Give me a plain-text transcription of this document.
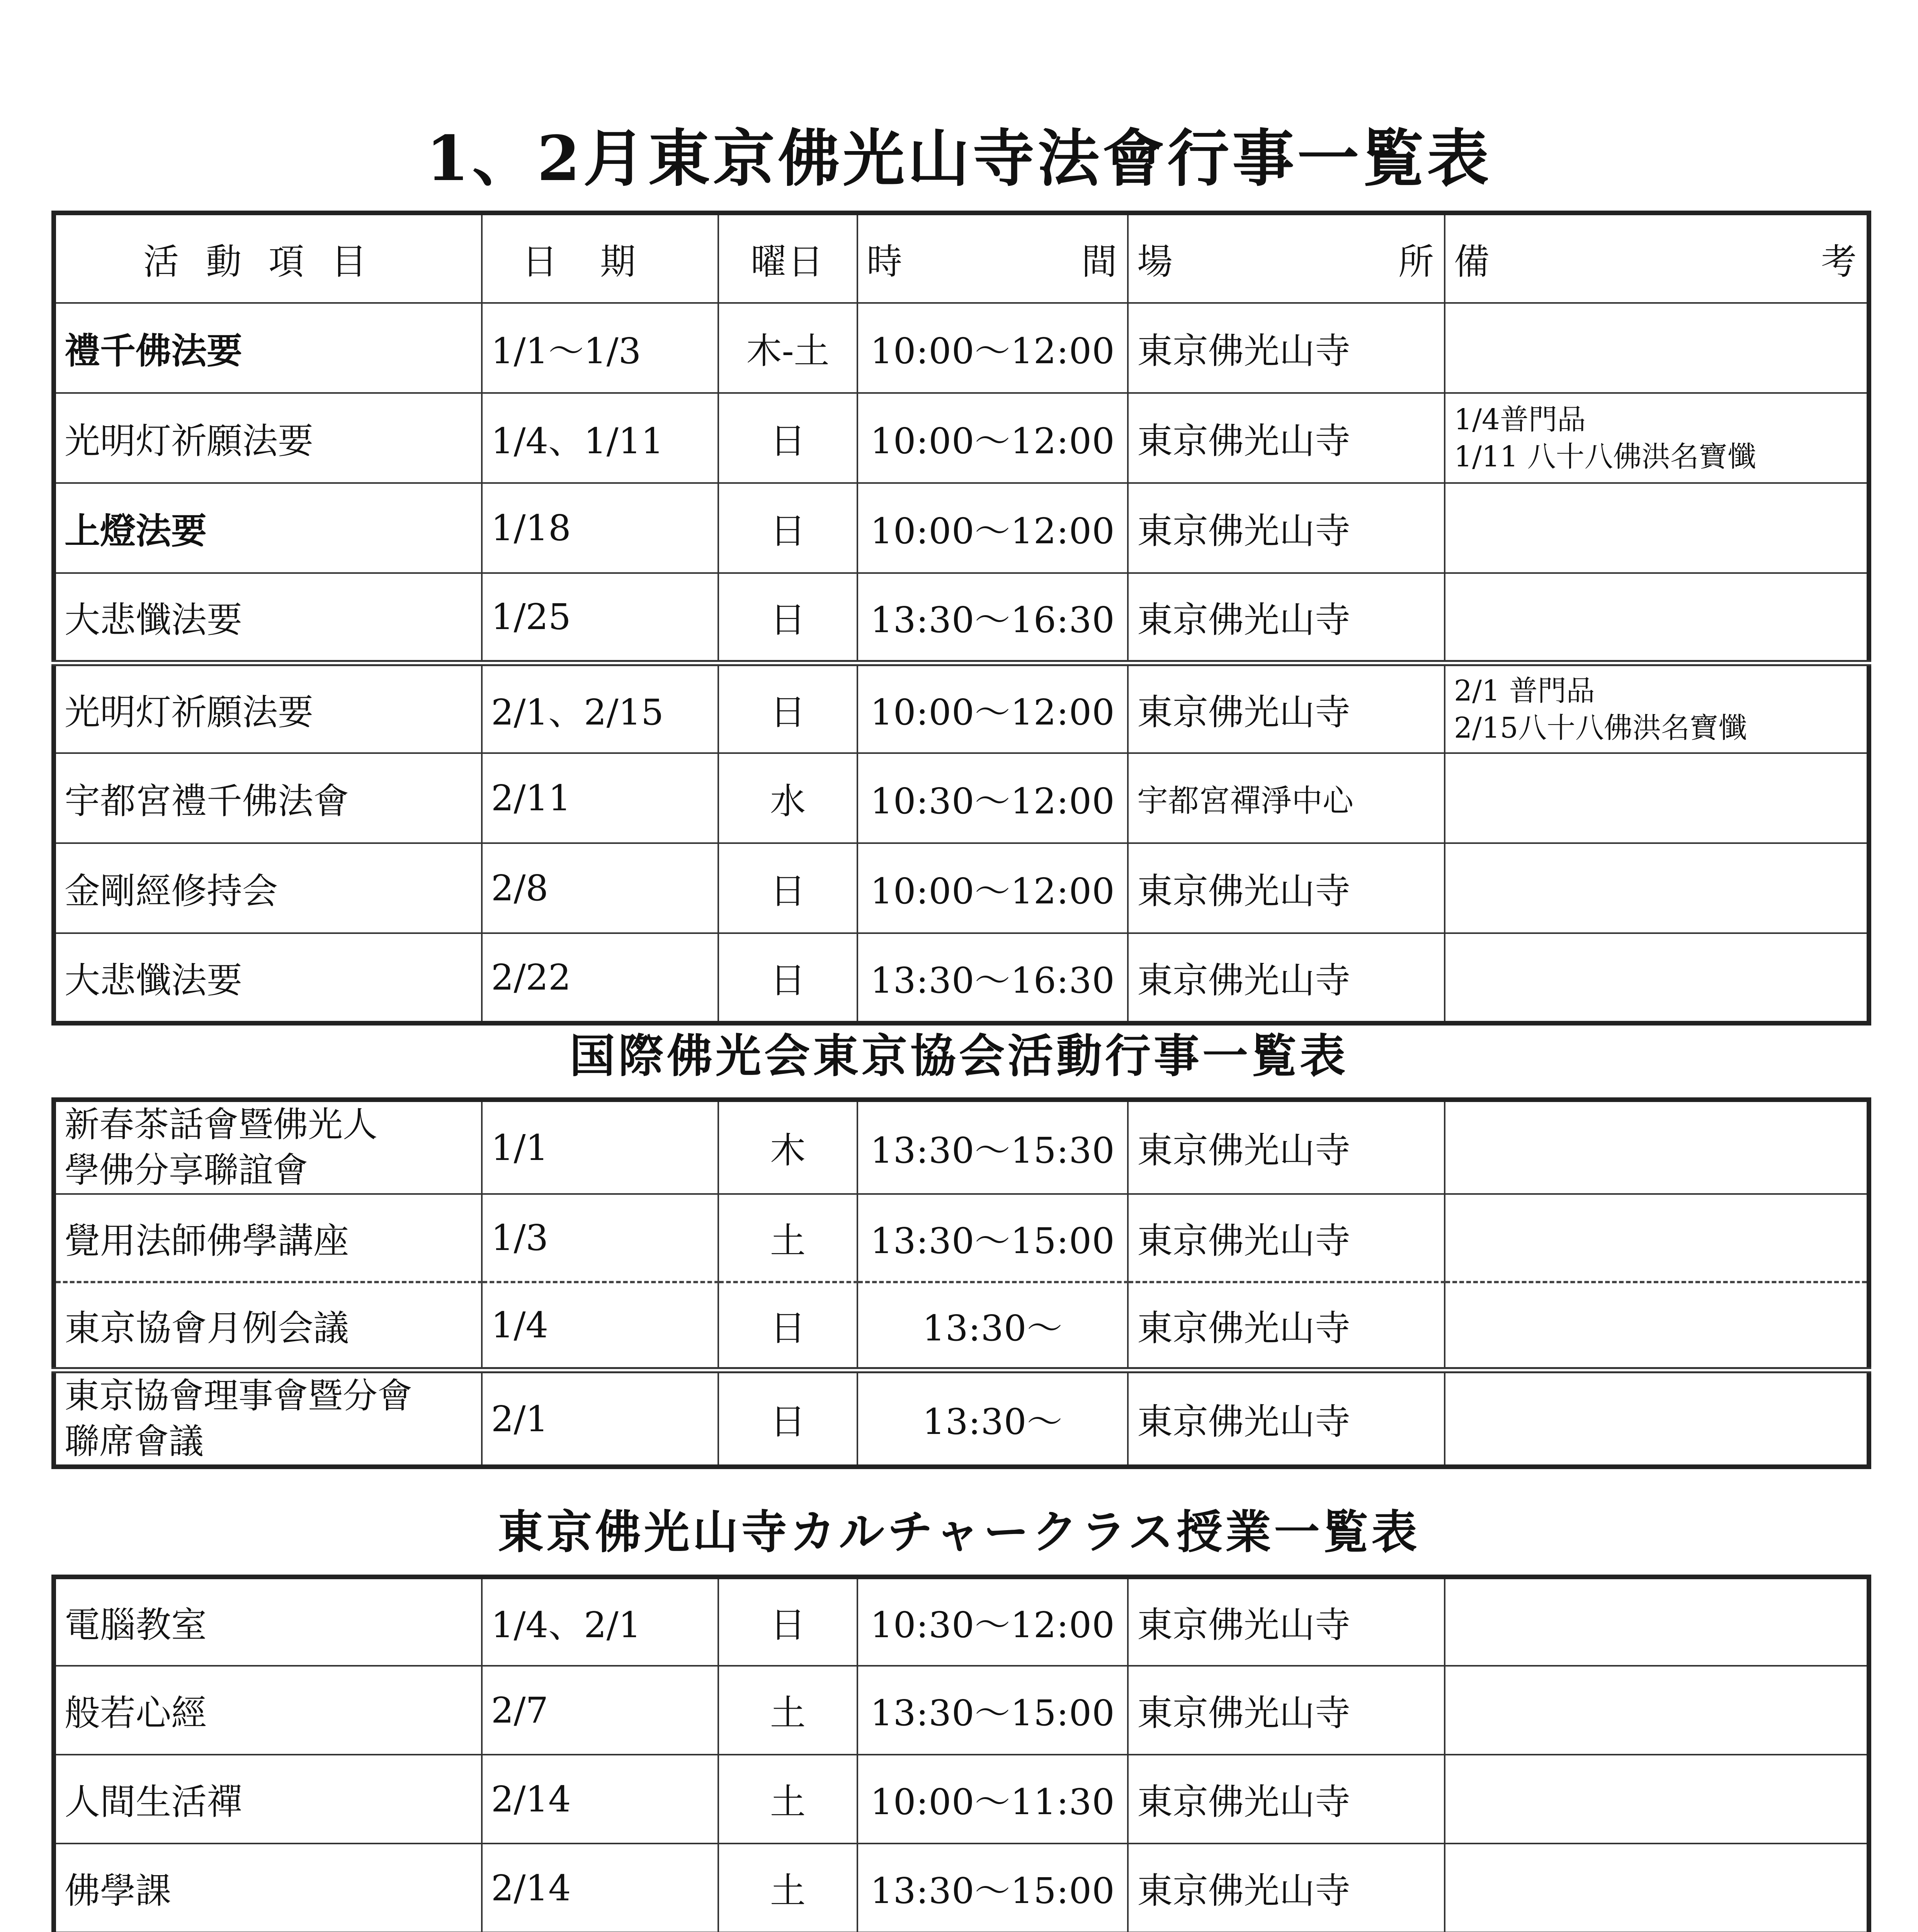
1、2月東京佛光山寺法會行事一覧表
活動項目	日期	曜日	時間	場所	備考
禮千佛法要	1/1～1/3	木-土	10:00～12:00	東京佛光山寺	
光明灯祈願法要	1/4、1/11	日	10:00～12:00	東京佛光山寺	1/4普門品
1/11 八十八佛洪名寶懺

上燈法要	1/18	日	10:00～12:00	東京佛光山寺	
大悲懺法要	1/25	日	13:30～16:30	東京佛光山寺	
光明灯祈願法要	2/1、2/15	日	10:00～12:00	東京佛光山寺	2/1 普門品
2/15八十八佛洪名寶懺

宇都宮禮千佛法會	2/11	水	10:30～12:00	宇都宮禪淨中心	
金剛經修持会	2/8	日	10:00～12:00	東京佛光山寺	
大悲懺法要	2/22	日	13:30～16:30	東京佛光山寺	
国際佛光会東京協会活動行事一覧表
新春茶話會暨佛光人
學佛分享聯誼會	1/1	木	13:30～15:30	東京佛光山寺	
覺用法師佛學講座	1/3	土	13:30～15:00	東京佛光山寺	
東京協會月例会議	1/4	日	13:30～	東京佛光山寺	

東京協會理事會暨分會
聯席會議	2/1	日	13:30～	東京佛光山寺	
東京佛光山寺カルチャークラス授業一覧表
電腦教室	1/4、2/1	日	10:30～12:00	東京佛光山寺	
般若心經	2/7	土	13:30～15:00	東京佛光山寺	
人間生活禪	2/14	土	10:00～11:30	東京佛光山寺	
佛學課	2/14	土	13:30～15:00	東京佛光山寺	
